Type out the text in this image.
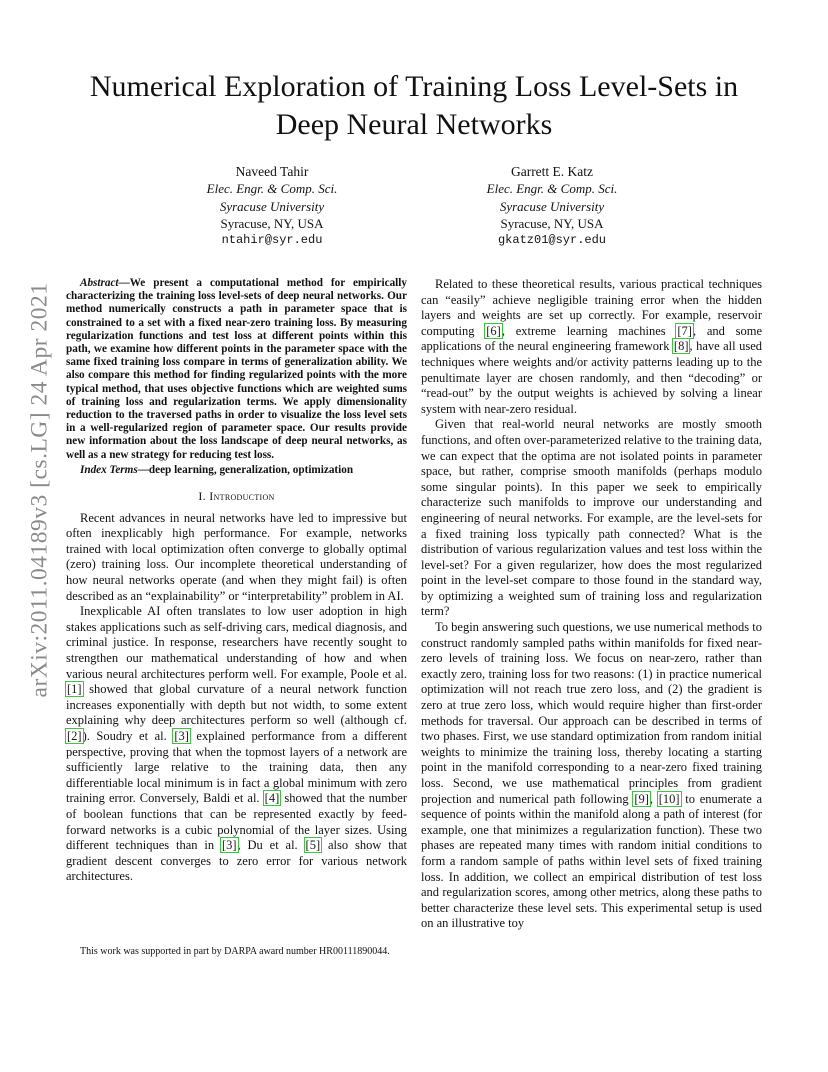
arXiv:2011.04189v3 [cs.LG] 24 Apr 2021
Numerical Exploration of Training Loss Level-Sets in Deep Neural Networks
Naveed Tahir
Elec. Engr. & Comp. Sci.
Syracuse University
Syracuse, NY, USA
ntahir@syr.edu
Garrett E. Katz
Elec. Engr. & Comp. Sci.
Syracuse University
Syracuse, NY, USA
gkatz01@syr.edu

Abstract—We present a computational method for empirically characterizing the training loss level-sets of deep neural networks. Our method numerically constructs a path in parameter space that is constrained to a set with a fixed near-zero training loss. By measuring regularization functions and test loss at different points within this path, we examine how different points in the parameter space with the same fixed training loss compare in terms of generalization ability. We also compare this method for finding regularized points with the more typical method, that uses objective functions which are weighted sums of training loss and regularization terms. We apply dimensionality reduction to the traversed paths in order to visualize the loss level sets in a well-regularized region of parameter space. Our results provide new information about the loss landscape of deep neural networks, as well as a new strategy for reducing test loss.

Index Terms—deep learning, generalization, optimization

I. Introduction

Recent advances in neural networks have led to impressive but often inexplicably high performance. For example, networks trained with local optimization often converge to globally optimal (zero) training loss. Our incomplete theoretical understanding of how neural networks operate (and when they might fail) is often described as an “explainability” or “interpretability” problem in AI.

Inexplicable AI often translates to low user adoption in high stakes applications such as self-driving cars, medical diagnosis, and criminal justice. In response, researchers have recently sought to strengthen our mathematical understanding of how and when various neural architectures perform well. For example, Poole et al. [1] showed that global curvature of a neural network function increases exponentially with depth but not width, to some extent explaining why deep architectures perform so well (although cf. [2]). Soudry et al. [3] explained performance from a different perspective, proving that when the topmost layers of a network are sufficiently large relative to the training data, then any differentiable local minimum is in fact a global minimum with zero training error. Conversely, Baldi et al. [4] showed that the number of boolean functions that can be represented exactly by feed-forward networks is a cubic polynomial of the layer sizes. Using different techniques than in [3], Du et al. [5] also show that gradient descent converges to zero error for various network architectures.

Related to these theoretical results, various practical techniques can “easily” achieve negligible training error when the hidden layers and weights are set up correctly. For example, reservoir computing [6], extreme learning machines [7], and some applications of the neural engineering framework [8], have all used techniques where weights and/or activity patterns leading up to the penultimate layer are chosen randomly, and then “decoding” or “read-out” by the output weights is achieved by solving a linear system with near-zero residual.

Given that real-world neural networks are mostly smooth functions, and often over-parameterized relative to the training data, we can expect that the optima are not isolated points in parameter space, but rather, comprise smooth manifolds (perhaps modulo some singular points). In this paper we seek to empirically characterize such manifolds to improve our understanding and engineering of neural networks. For example, are the level-sets for a fixed training loss typically path connected? What is the distribution of various regularization values and test loss within the level-set? For a given regularizer, how does the most regularized point in the level-set compare to those found in the standard way, by optimizing a weighted sum of training loss and regularization term?

To begin answering such questions, we use numerical methods to construct randomly sampled paths within manifolds for fixed near-zero levels of training loss. We focus on near-zero, rather than exactly zero, training loss for two reasons: (1) in practice numerical optimization will not reach true zero loss, and (2) the gradient is zero at true zero loss, which would require higher than first-order methods for traversal. Our approach can be described in terms of two phases. First, we use standard optimization from random initial weights to minimize the training loss, thereby locating a starting point in the manifold corresponding to a near-zero fixed training loss. Second, we use mathematical principles from gradient projection and numerical path following [9], [10] to enumerate a sequence of points within the manifold along a path of interest (for example, one that minimizes a regularization function). These two phases are repeated many times with random initial conditions to form a random sample of paths within level sets of fixed training loss. In addition, we collect an empirical distribution of test loss and regularization scores, among other metrics, along these paths to better characterize these level sets. This experimental setup is used on an illustrative toy

This work was supported in part by DARPA award number HR00111890044.
